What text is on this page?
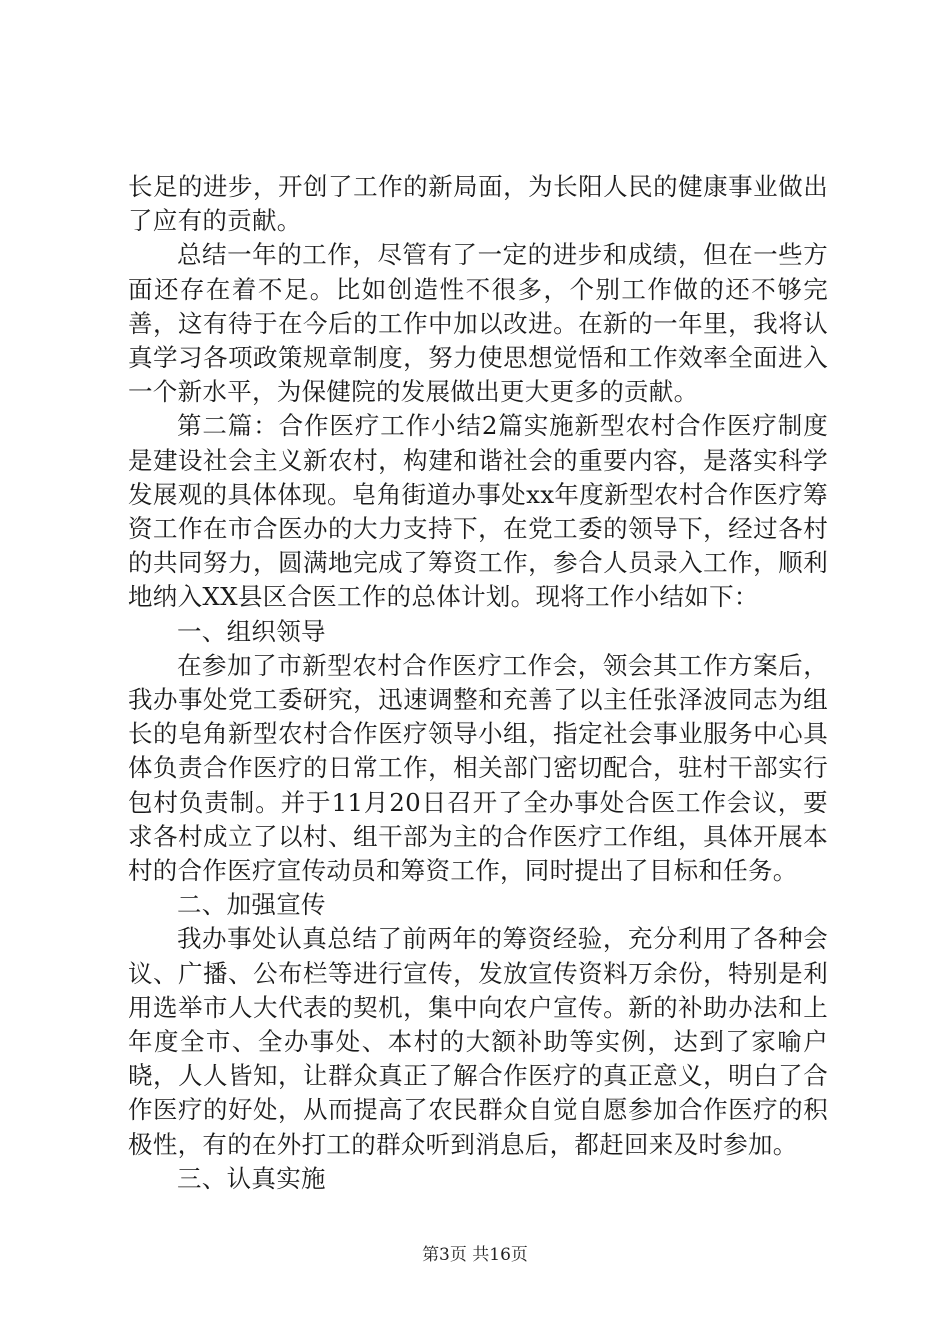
长足的进步，开创了工作的新局面，为长阳人民的健康事业做出了应有的贡献。

总结一年的工作，尽管有了一定的进步和成绩，但在一些方面还存在着不足。比如创造性不很多，个别工作做的还不够完善，这有待于在今后的工作中加以改进。在新的一年里，我将认真学习各项政策规章制度，努力使思想觉悟和工作效率全面进入一个新水平，为保健院的发展做出更大更多的贡献。

第二篇：合作医疗工作小结2篇实施新型农村合作医疗制度是建设社会主义新农村，构建和谐社会的重要内容，是落实科学发展观的具体体现。皂角街道办事处xx年度新型农村合作医疗筹资工作在市合医办的大力支持下，在党工委的领导下，经过各村的共同努力，圆满地完成了筹资工作，参合人员录入工作，顺利地纳入XX县区合医工作的总体计划。现将工作小结如下：

一、组织领导

在参加了市新型农村合作医疗工作会，领会其工作方案后，我办事处党工委研究，迅速调整和充善了以主任张泽波同志为组长的皂角新型农村合作医疗领导小组，指定社会事业服务中心具体负责合作医疗的日常工作，相关部门密切配合，驻村干部实行包村负责制。并于11月20日召开了全办事处合医工作会议，要求各村成立了以村、组干部为主的合作医疗工作组，具体开展本村的合作医疗宣传动员和筹资工作，同时提出了目标和任务。

二、加强宣传

我办事处认真总结了前两年的筹资经验，充分利用了各种会议、广播、公布栏等进行宣传，发放宣传资料万余份，特别是利用选举市人大代表的契机，集中向农户宣传。新的补助办法和上年度全市、全办事处、本村的大额补助等实例，达到了家喻户晓，人人皆知，让群众真正了解合作医疗的真正意义，明白了合作医疗的好处，从而提高了农民群众自觉自愿参加合作医疗的积极性，有的在外打工的群众听到消息后，都赶回来及时参加。

三、认真实施

第3页 共16页
